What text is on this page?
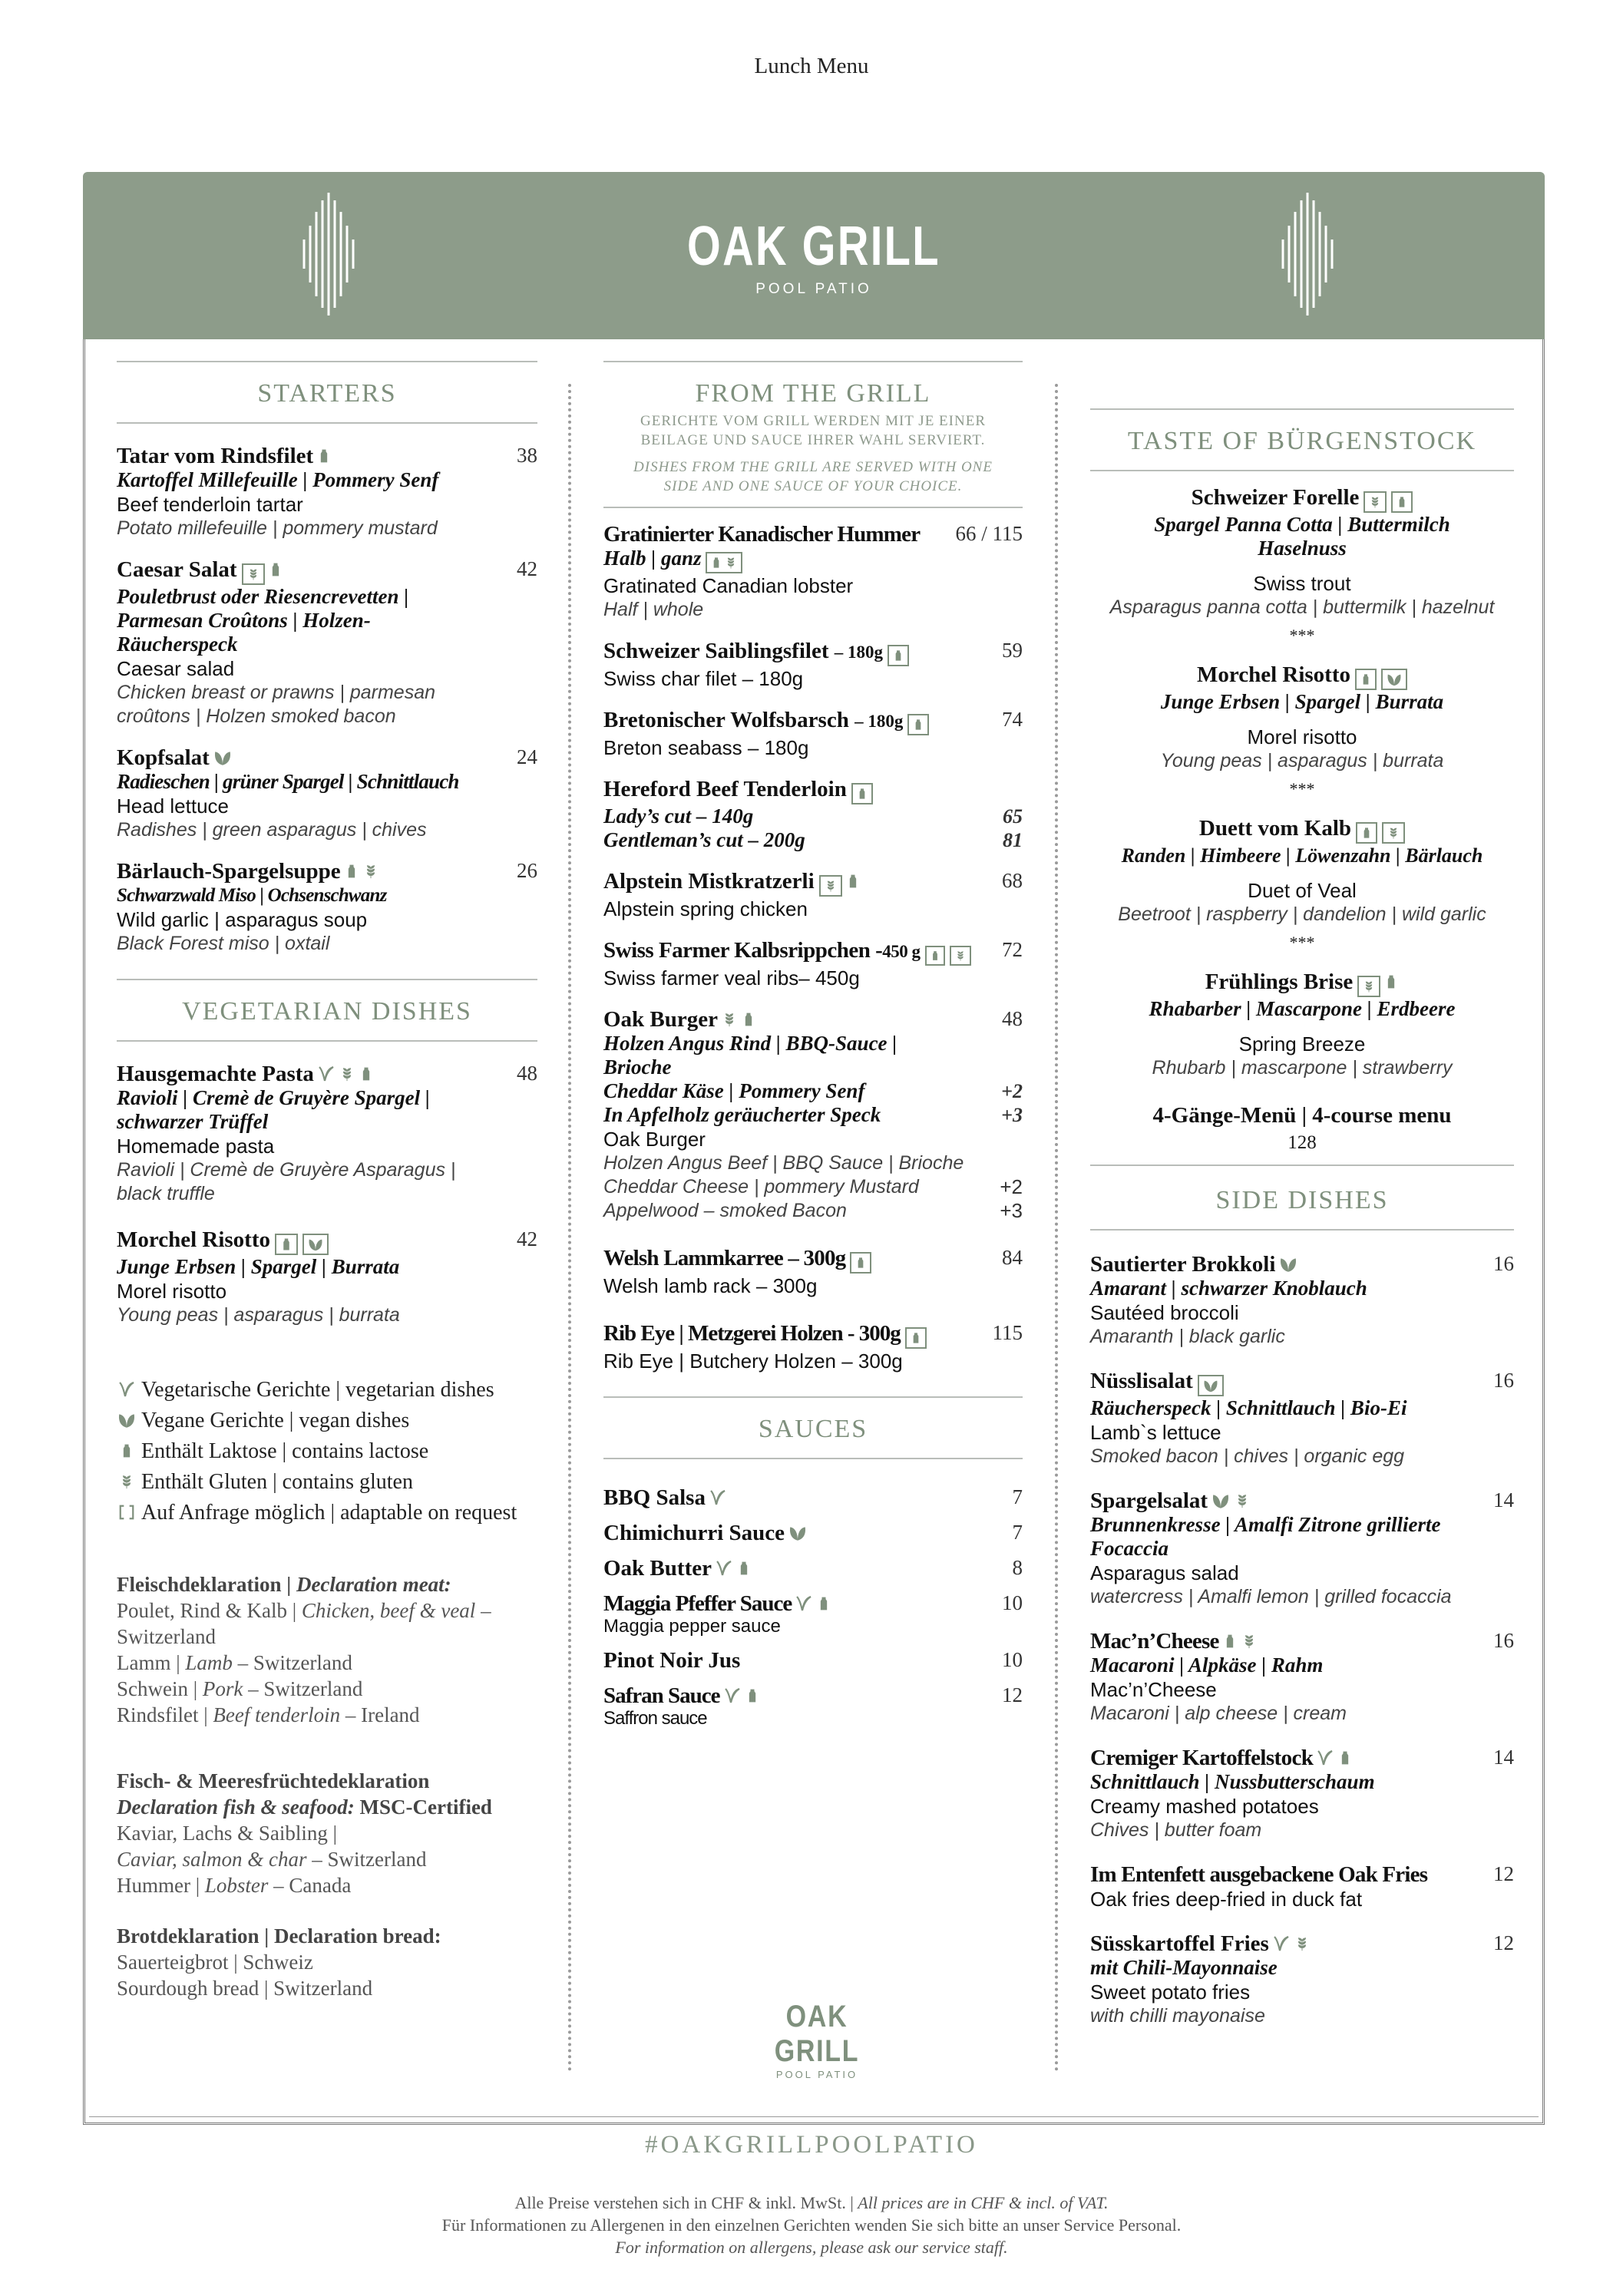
Lunch Menu
OAK GRILL
POOL PATIO
STARTERS
38
Tatar vom Rindsfilet
Kartoffel Millefeuille | Pommery Senf
Beef tenderloin tartar
Potato millefeuille | pommery mustard
42
Caesar Salat
Pouletbrust oder Riesencrevetten | Parmesan Croûtons | Holzen-Räucherspeck
Caesar salad
Chicken breast or prawns | parmesan croûtons | Holzen smoked bacon
24
Kopfsalat
Radieschen | grüner Spargel | Schnittlauch
Head lettuce
Radishes | green asparagus | chives
26
Bärlauch-Spargelsuppe
Schwarzwald Miso | Ochsenschwanz
Wild garlic | asparagus soup
Black Forest miso | oxtail
VEGETARIAN DISHES
48
Hausgemachte Pasta
Ravioli | Cremè de Gruyère Spargel | schwarzer Trüffel
Homemade pasta
Ravioli | Cremè de Gruyère Asparagus | black truffle
42
Morchel Risotto
Junge Erbsen | Spargel | Burrata
Morel risotto
Young peas | asparagus | burrata
Vegetarische Gerichte | vegetarian dishes
Vegane Gerichte | vegan dishes
Enthält Laktose | contains lactose
Enthält Gluten | contains gluten
Auf Anfrage möglich | adaptable on request
Fleischdeklaration | Declaration meat:
Poulet, Rind & Kalb | Chicken, beef & veal – Switzerland
Lamm | Lamb – Switzerland
Schwein | Pork – Switzerland
Rindsfilet | Beef tenderloin – Ireland
Fisch- & Meeresfrüchtedeklaration
Declaration fish & seafood: MSC-Certified
Kaviar, Lachs & Saibling |
Caviar, salmon & char – Switzerland
Hummer | Lobster – Canada
Brotdeklaration | Declaration bread:
Sauerteigbrot | Schweiz
Sourdough bread | Switzerland
FROM THE GRILL
GERICHTE VOM GRILL WERDEN MIT JE EINER BEILAGE UND SAUCE IHRER WAHL SERVIERT.
DISHES FROM THE GRILL ARE SERVED WITH ONE SIDE AND ONE SAUCE OF YOUR CHOICE.
66 / 115
Gratinierter Kanadischer Hummer
Halb | ganz
Gratinated Canadian lobster
Half | whole
59
Schweizer Saiblingsfilet – 180g
Swiss char filet – 180g
74
Bretonischer Wolfsbarsch – 180g
Breton seabass – 180g
Hereford Beef Tenderloin
Lady’s cut – 140g	65
Gentleman’s cut – 200g	81
68
Alpstein Mistkratzerli
Alpstein spring chicken
72
Swiss Farmer Kalbsrippchen -450 g
Swiss farmer veal ribs– 450g
48
Oak Burger
Holzen Angus Rind | BBQ-Sauce | Brioche
Cheddar Käse | Pommery Senf	+2
In Apfelholz geräucherter Speck	+3
Oak Burger
Holzen Angus Beef | BBQ Sauce | Brioche
Cheddar Cheese | pommery Mustard	+2
Appelwood – smoked Bacon	+3
84
Welsh Lammkarree – 300g
Welsh lamb rack – 300g
115
Rib Eye | Metzgerei Holzen - 300g
Rib Eye | Butchery Holzen – 300g
SAUCES
7
BBQ Salsa
7
Chimichurri Sauce
8
Oak Butter
10
Maggia Pfeffer Sauce
Maggia pepper sauce
10
Pinot Noir Jus
12
Safran Sauce
Saffron sauce
OAK GRILL
POOL PATIO
TASTE OF BÜRGENSTOCK
Schweizer Forelle
Spargel Panna Cotta | Buttermilch Haselnuss
Swiss trout
Asparagus panna cotta | buttermilk | hazelnut
***
Morchel Risotto
Junge Erbsen | Spargel | Burrata
Morel risotto
Young peas | asparagus | burrata
***
Duett vom Kalb
Randen | Himbeere | Löwenzahn | Bärlauch
Duet of Veal
Beetroot | raspberry | dandelion | wild garlic
***
Frühlings Brise
Rhabarber | Mascarpone | Erdbeere
Spring Breeze
Rhubarb | mascarpone | strawberry
4-Gänge-Menü | 4-course menu
128
SIDE DISHES
16
Sautierter Brokkoli
Amarant | schwarzer Knoblauch
Sautéed broccoli
Amaranth | black garlic
16
Nüsslisalat
Räucherspeck | Schnittlauch | Bio-Ei
Lamb`s lettuce
Smoked bacon | chives | organic egg
14
Spargelsalat
Brunnenkresse | Amalfi Zitrone grillierte Focaccia
Asparagus salad
watercress | Amalfi lemon | grilled focaccia
16
Mac’n’Cheese
Macaroni | Alpkäse | Rahm
Mac’n’Cheese
Macaroni | alp cheese | cream
14
Cremiger Kartoffelstock
Schnittlauch | Nussbutterschaum
Creamy mashed potatoes
Chives | butter foam
12
Im Entenfett ausgebackene Oak Fries
Oak fries deep-fried in duck fat
12
Süsskartoffel Fries
mit Chili-Mayonnaise
Sweet potato fries
with chilli mayonaise
#OAKGRILLPOOLPATIO
Alle Preise verstehen sich in CHF & inkl. MwSt. | All prices are in CHF & incl. of VAT.
Für Informationen zu Allergenen in den einzelnen Gerichten wenden Sie sich bitte an unser Service Personal.
For information on allergens, please ask our service staff.
